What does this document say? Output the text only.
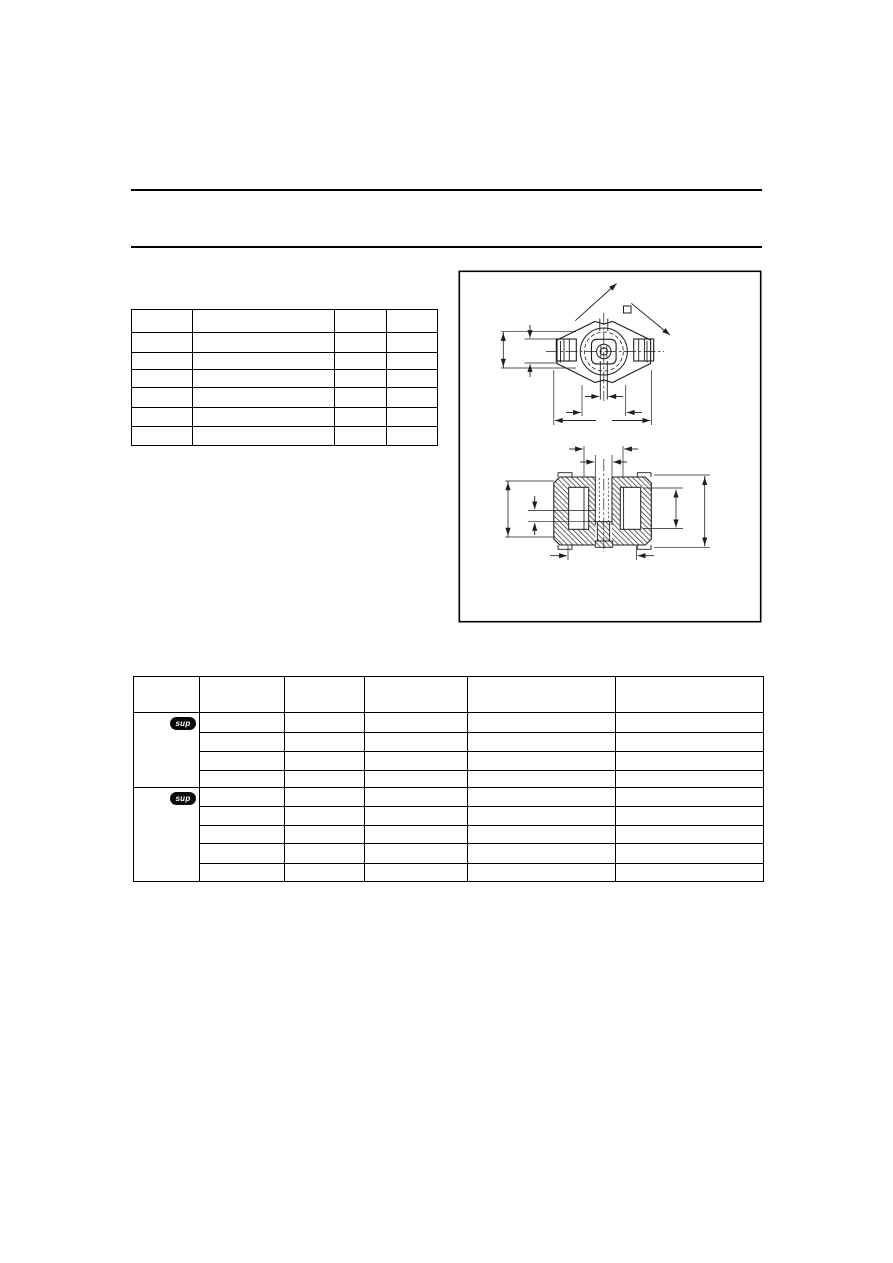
sup					

sup					
